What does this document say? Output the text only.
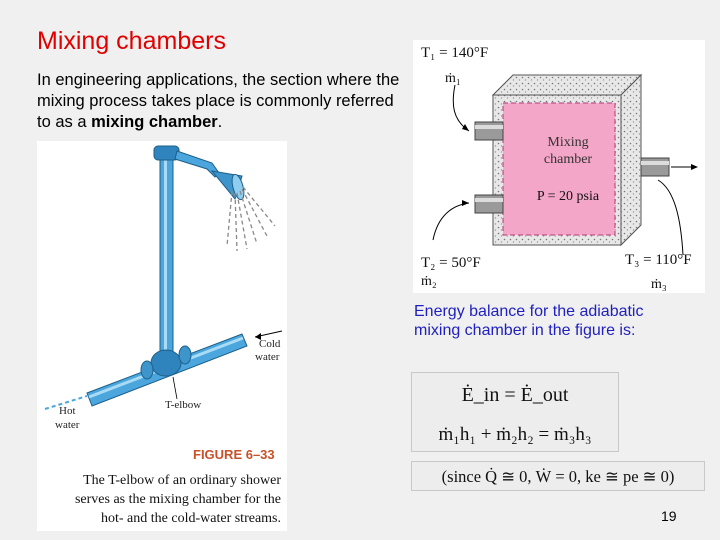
Mixing chambers
In engineering applications, the section where the mixing process takes place is commonly referred to as a mixing chamber.
Cold
water
T-elbow
Hot
water
FIGURE 6–33
The T-elbow of an ordinary shower
serves as the mixing chamber for the
hot- and the cold-water streams.
T₁ = 140°F
ṁ₁
T₂ = 50°F
ṁ₂
T₃ = 110°F
ṁ₃
Mixing
chamber
P = 20 psia
Energy balance for the adiabatic mixing chamber in the figure is:
Ė_in = Ė_out
ṁ₁h₁ + ṁ₂h₂ = ṁ₃h₃
(since Q̇ ≅ 0, Ẇ = 0, ke ≅ pe ≅ 0)
19
